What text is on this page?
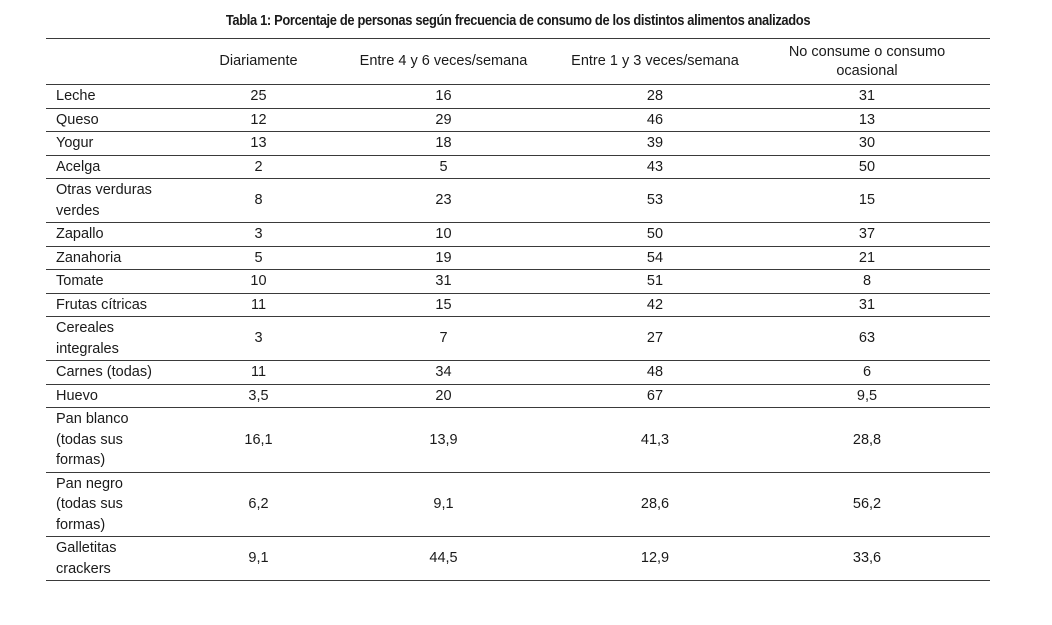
Tabla 1: Porcentaje de personas según frecuencia de consumo de los distintos alimentos analizados
	Diariamente	Entre 4 y 6 veces/semana	Entre 1 y 3 veces/semana	No consume o consumo
ocasional

Leche	25	16	28	31

Queso	12	29	46	13

Yogur	13	18	39	30

Acelga	2	5	43	50

Otras verduras
verdes	8	23	53	15

Zapallo	3	10	50	37

Zanahoria	5	19	54	21

Tomate	10	31	51	8

Frutas cítricas	11	15	42	31

Cereales
integrales	3	7	27	63

Carnes (todas)	11	34	48	6

Huevo	3,5	20	67	9,5

Pan blanco
(todas sus
formas)	16,1	13,9	41,3	28,8

Pan negro
(todas sus
formas)	6,2	9,1	28,6	56,2

Galletitas
crackers	9,1	44,5	12,9	33,6
